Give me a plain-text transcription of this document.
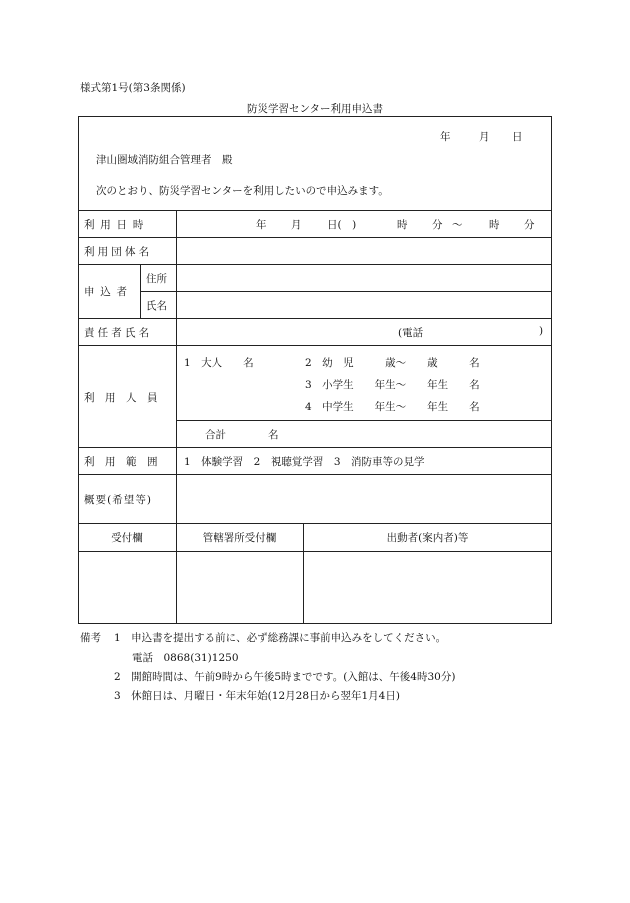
様式第1号(第3条関係)
防災学習センター利用申込書
年	月 日
津山圏域消防組合管理者　殿
次のとおり、防災学習センターを利用したいので申込みます。
利用日時	年 月 日(　)	時 分 ～	時 分
利用団体名
申込者
住所
氏名
責任者氏名	(電話	)
利用人員
1　大人　　名	2　幼　児　　　歳～　　歳　　　名
3　小学生　　年生～　　年生　　名
4　中学生　　年生～　　年生　　名
合計　　　　名
利用範囲 1　体験学習　2　視聴覚学習　3　消防車等の見学
概要(希望等)
受付欄	管轄署所受付欄	出動者(案内者)等
備考 1　申込書を提出する前に、必ず総務課に事前申込みをしてください。
電話　0868(31)1250
2　開館時間は、午前9時から午後5時までです。(入館は、午後4時30分)
3　休館日は、月曜日・年末年始(12月28日から翌年1月4日)
